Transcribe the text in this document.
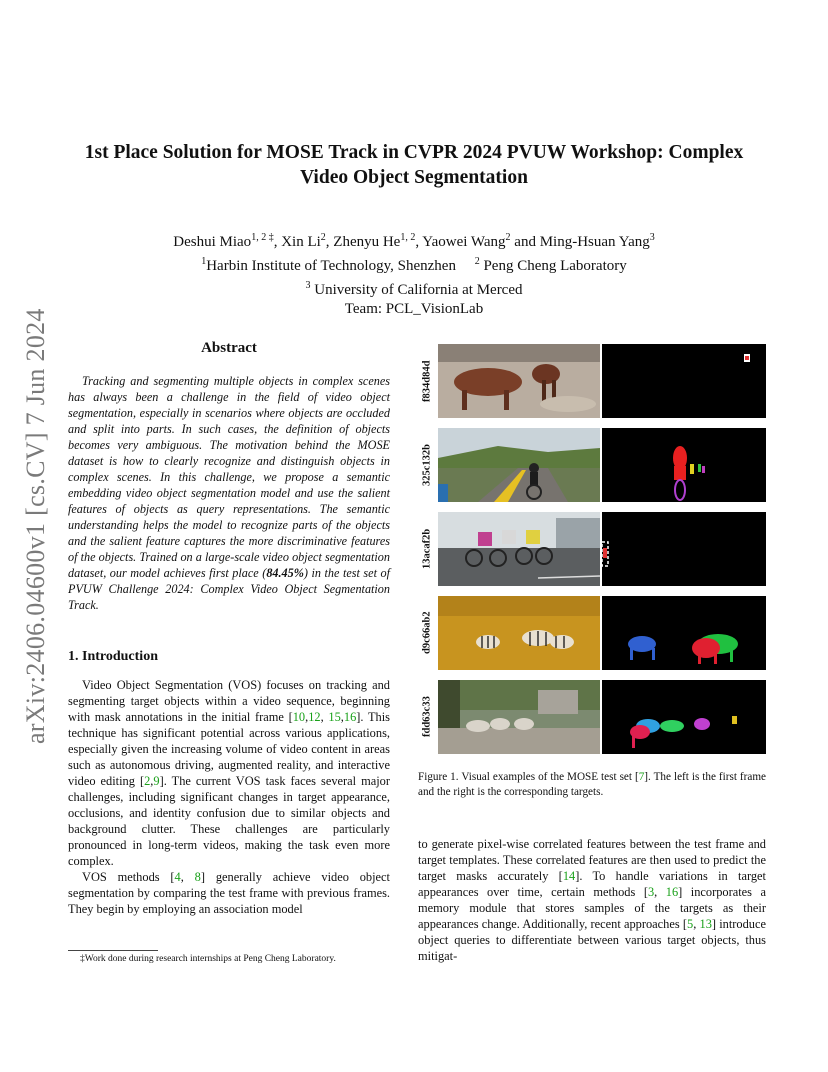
arXiv:2406.04600v1 [cs.CV] 7 Jun 2024
1st Place Solution for MOSE Track in CVPR 2024 PVUW Workshop: Complex Video Object Segmentation
Deshui Miao$^{1, 2 \ddagger}$, Xin Li$^2$, Zhenyu He$^{1, 2}$, Yaowei Wang$^2$ and Ming-Hsuan Yang$^3$
$^1$Harbin Institute of Technology, Shenzhen $^2$ Peng Cheng Laboratory
$^3$ University of California at Merced
Team: PCL_VisionLab
Abstract

Tracking and segmenting multiple objects in complex scenes has always been a challenge in the field of video object segmentation, especially in scenarios where objects are occluded and split into parts. In such cases, the definition of objects becomes very ambiguous. The motivation behind the MOSE dataset is how to clearly recognize and distinguish objects in complex scenes. In this challenge, we propose a semantic embedding video object segmentation model and use the salient features of objects as query representations. The semantic understanding helps the model to recognize parts of the objects and the salient feature captures the more discriminative features of the objects. Trained on a large-scale video object segmentation dataset, our model achieves first place (84.45%) in the test set of PVUW Challenge 2024: Complex Video Object Segmentation Track.

1. Introduction

Video Object Segmentation (VOS) focuses on tracking and segmenting target objects within a video sequence, beginning with mask annotations in the initial frame [10,12, 15,16]. This technique has significant potential across various applications, especially given the increasing volume of video content in areas such as autonomous driving, augmented reality, and interactive video editing [2,9]. The current VOS task faces several major challenges, including significant changes in target appearance, occlusions, and identity confusion due to similar objects and background clutter. These challenges are particularly pronounced in long-term videos, making the task even more complex.

VOS methods [4, 8] generally achieve video object segmentation by comparing the test frame with previous frames. They begin by employing an association model

‡Work done during research internships at Peng Cheng Laboratory.
f834d84d
325c132b
13acaf2b
d9c66ab2
fdd63c33
Figure 1. Visual examples of the MOSE test set [7]. The left is the first frame and the right is the corresponding targets.

to generate pixel-wise correlated features between the test frame and target templates. These correlated features are then used to predict the target masks accurately [14]. To handle variations in target appearances over time, certain methods [3, 16] incorporates a memory module that stores samples of the targets as their appearances change. Additionally, recent approaches [5, 13] introduce object queries to differentiate between various target objects, thus mitigat-
